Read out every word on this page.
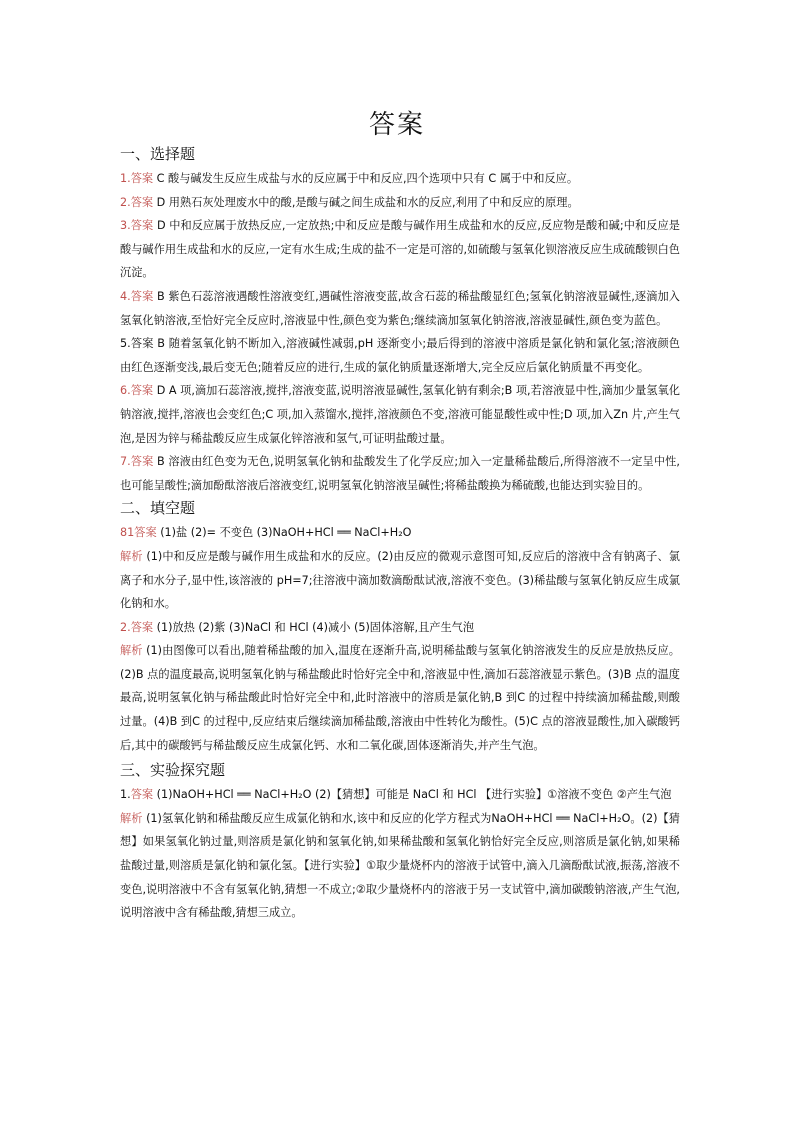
答案
一、选择题

1.答案 C 酸与碱发生反应生成盐与水的反应属于中和反应,四个选项中只有 C 属于中和反应。

2.答案 D 用熟石灰处理废水中的酸,是酸与碱之间生成盐和水的反应,利用了中和反应的原理。

3.答案 D 中和反应属于放热反应,一定放热;中和反应是酸与碱作用生成盐和水的反应,反应物是酸和碱;中和反应是酸与碱作用生成盐和水的反应,一定有水生成;生成的盐不一定是可溶的,如硫酸与氢氧化钡溶液反应生成硫酸钡白色沉淀。

4.答案 B 紫色石蕊溶液遇酸性溶液变红,遇碱性溶液变蓝,故含石蕊的稀盐酸显红色;氢氧化钠溶液显碱性,逐滴加入氢氧化钠溶液,至恰好完全反应时,溶液显中性,颜色变为紫色;继续滴加氢氧化钠溶液,溶液显碱性,颜色变为蓝色。

5.答案 B 随着氢氧化钠不断加入,溶液碱性减弱,pH 逐渐变小;最后得到的溶液中溶质是氯化钠和氯化氢;溶液颜色由红色逐渐变浅,最后变无色;随着反应的进行,生成的氯化钠质量逐渐增大,完全反应后氯化钠质量不再变化。

6.答案 D A 项,滴加石蕊溶液,搅拌,溶液变蓝,说明溶液显碱性,氢氧化钠有剩余;B 项,若溶液显中性,滴加少量氢氧化钠溶液,搅拌,溶液也会变红色;C 项,加入蒸馏水,搅拌,溶液颜色不变,溶液可能显酸性或中性;D 项,加入Zn 片,产生气泡,是因为锌与稀盐酸反应生成氯化锌溶液和氢气,可证明盐酸过量。

7.答案 B 溶液由红色变为无色,说明氢氧化钠和盐酸发生了化学反应;加入一定量稀盐酸后,所得溶液不一定呈中性,也可能呈酸性;滴加酚酞溶液后溶液变红,说明氢氧化钠溶液呈碱性;将稀盐酸换为稀硫酸,也能达到实验目的。

二、填空题

81答案 (1)盐 (2)= 不变色 (3)NaOH+HCl ══ NaCl+H₂O

解析 (1)中和反应是酸与碱作用生成盐和水的反应。(2)由反应的微观示意图可知,反应后的溶液中含有钠离子、氯离子和水分子,显中性,该溶液的 pH=7;往溶液中滴加数滴酚酞试液,溶液不变色。(3)稀盐酸与氢氧化钠反应生成氯化钠和水。

2.答案 (1)放热 (2)紫 (3)NaCl 和 HCl (4)减小 (5)固体溶解,且产生气泡

解析 (1)由图像可以看出,随着稀盐酸的加入,温度在逐渐升高,说明稀盐酸与氢氧化钠溶液发生的反应是放热反应。(2)B 点的温度最高,说明氢氧化钠与稀盐酸此时恰好完全中和,溶液显中性,滴加石蕊溶液显示紫色。(3)B 点的温度最高,说明氢氧化钠与稀盐酸此时恰好完全中和,此时溶液中的溶质是氯化钠,B 到C 的过程中持续滴加稀盐酸,则酸过量。(4)B 到C 的过程中,反应结束后继续滴加稀盐酸,溶液由中性转化为酸性。(5)C 点的溶液显酸性,加入碳酸钙后,其中的碳酸钙与稀盐酸反应生成氯化钙、水和二氧化碳,固体逐渐消失,并产生气泡。

三、实验探究题

1.答案 (1)NaOH+HCl ══ NaCl+H₂O (2)【猜想】可能是 NaCl 和 HCl 【进行实验】①溶液不变色 ②产生气泡

解析 (1)氢氧化钠和稀盐酸反应生成氯化钠和水,该中和反应的化学方程式为NaOH+HCl ══ NaCl+H₂O。(2)【猜想】如果氢氧化钠过量,则溶质是氯化钠和氢氧化钠,如果稀盐酸和氢氧化钠恰好完全反应,则溶质是氯化钠,如果稀盐酸过量,则溶质是氯化钠和氯化氢。【进行实验】①取少量烧杯内的溶液于试管中,滴入几滴酚酞试液,振荡,溶液不变色,说明溶液中不含有氢氧化钠,猜想一不成立;②取少量烧杯内的溶液于另一支试管中,滴加碳酸钠溶液,产生气泡,说明溶液中含有稀盐酸,猜想三成立。
